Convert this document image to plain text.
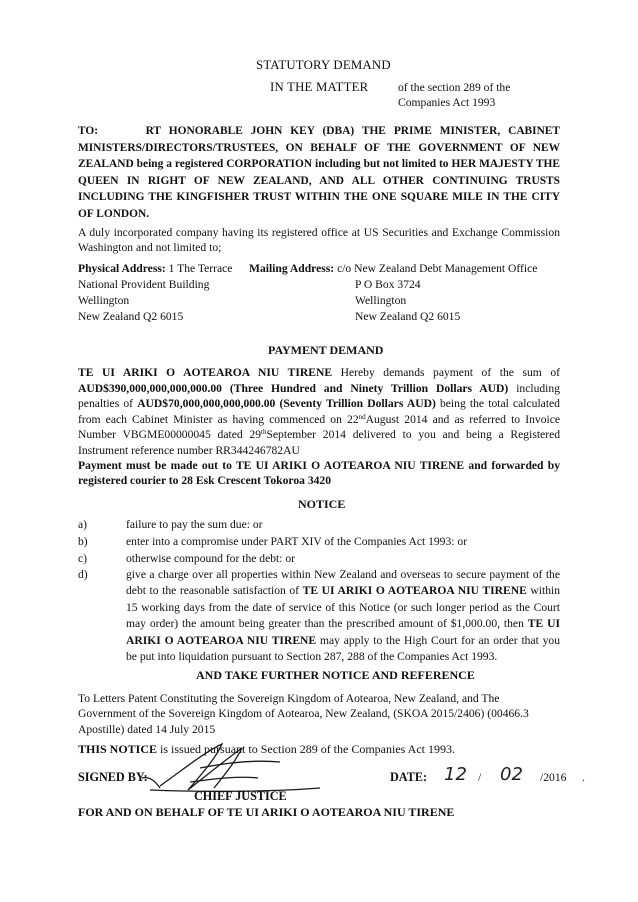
STATUTORY DEMAND
IN THE MATTER	of the section 289 of the
Companies Act 1993
TO:	RT HONORABLE JOHN KEY (DBA) THE PRIME MINISTER, CABINET MINISTERS/DIRECTORS/TRUSTEES, ON BEHALF OF THE GOVERNMENT OF NEW ZEALAND being a registered CORPORATION including but not limited to HER MAJESTY THE QUEEN IN RIGHT OF NEW ZEALAND, AND ALL OTHER CONTINUING TRUSTS INCLUDING THE KINGFISHER TRUST WITHIN THE ONE SQUARE MILE IN THE CITY OF LONDON.
A duly incorporated company having its registered office at US Securities and Exchange Commission Washington and not limited to;
Physical Address: 1 The Terrace
National Provident Building
Wellington
New Zealand Q2 6015
Mailing Address: c/o New Zealand Debt Management Office
P O Box 3724
Wellington
New Zealand Q2 6015
PAYMENT DEMAND
TE UI ARIKI O AOTEAROA NIU TIRENE Hereby demands payment of the sum of AUD$390,000,000,000,000.00 (Three Hundred and Ninety Trillion Dollars AUD) including penalties of AUD$70,000,000,000,000.00 (Seventy Trillion Dollars AUD) being the total calculated from each Cabinet Minister as having commenced on 22ndAugust 2014 and as referred to Invoice Number VBGME00000045 dated 29thSeptember 2014 delivered to you and being a Registered Instrument reference number RR344246782AU
Payment must be made out to TE UI ARIKI O AOTEAROA NIU TIRENE and forwarded by registered courier to 28 Esk Crescent Tokoroa 3420
NOTICE
a)	failure to pay the sum due: or
b)	enter into a compromise under PART XIV of the Companies Act 1993: or
c)	otherwise compound for the debt: or
d)	give a charge over all properties within New Zealand and overseas to secure payment of the debt to the reasonable satisfaction of TE UI ARIKI O AOTEAROA NIU TIRENE within 15 working days from the date of service of this Notice (or such longer period as the Court may order) the amount being greater than the prescribed amount of $1,000.00, then TE UI ARIKI O AOTEAROA NIU TIRENE may apply to the High Court for an order that you be put into liquidation pursuant to Section 287, 288 of the Companies Act 1993.
AND TAKE FURTHER NOTICE AND REFERENCE
To Letters Patent Constituting the Sovereign Kingdom of Aotearoa, New Zealand, and The Government of the Sovereign Kingdom of Aotearoa, New Zealand, (SKOA 2015/2406) (00466.3 Apostille) dated 14 July 2015
THIS NOTICE is issued pursuant to Section 289 of the Companies Act 1993.
SIGNED BY:	DATE: 12 / 02 /2016 .
CHIEF JUSTICE
FOR AND ON BEHALF OF TE UI ARIKI O AOTEAROA NIU TIRENE
